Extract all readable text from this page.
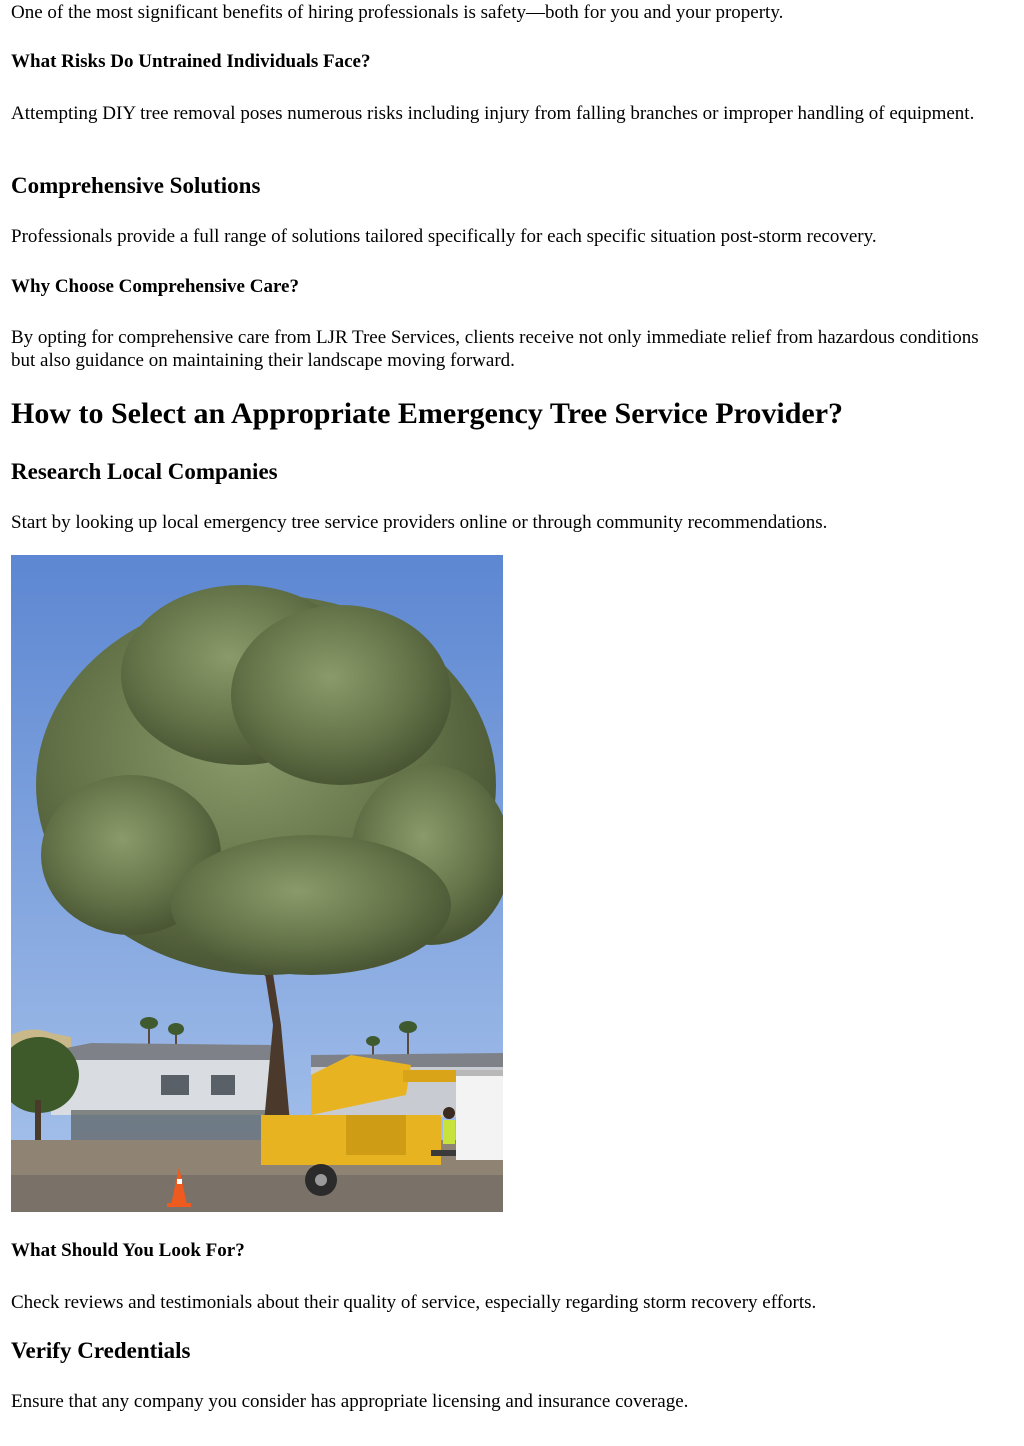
One of the most significant benefits of hiring professionals is safety—both for you and your property.

What Risks Do Untrained Individuals Face?

Attempting DIY tree removal poses numerous risks including injury from falling branches or improper handling of equipment.

Comprehensive Solutions

Professionals provide a full range of solutions tailored specifically for each specific situation post-storm recovery.

Why Choose Comprehensive Care?

By opting for comprehensive care from LJR Tree Services, clients receive not only immediate relief from hazardous conditions but also guidance on maintaining their landscape moving forward.

How to Select an Appropriate Emergency Tree Service Provider?
Research Local Companies

Start by looking up local emergency tree service providers online or through community recommendations.

What Should You Look For?

Check reviews and testimonials about their quality of service, especially regarding storm recovery efforts.

Verify Credentials

Ensure that any company you consider has appropriate licensing and insurance coverage.
